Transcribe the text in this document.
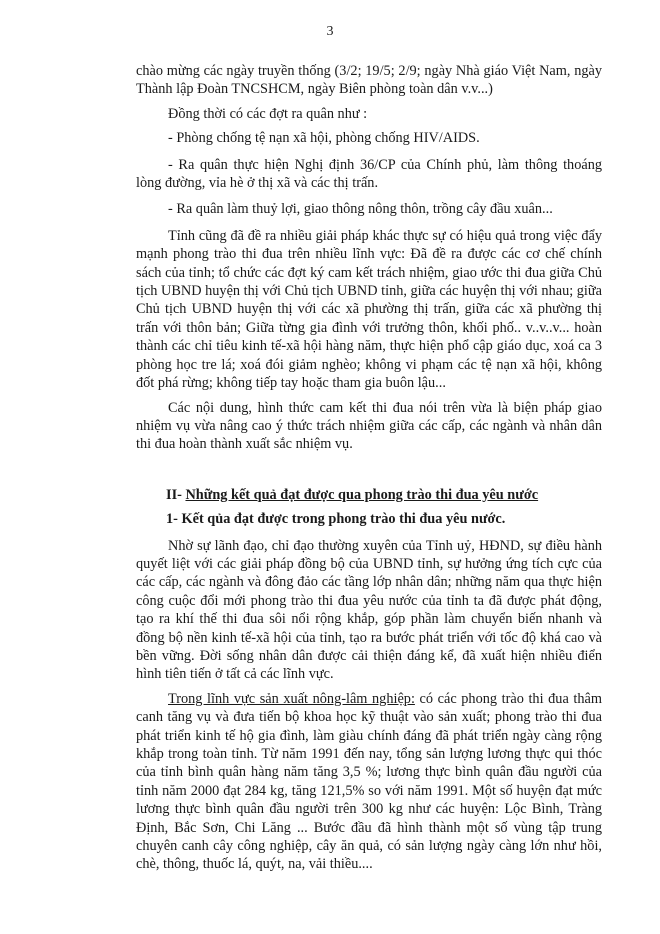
3

chào mừng các ngày truyền thống (3/2; 19/5; 2/9; ngày Nhà giáo Việt Nam, ngày Thành lập Đoàn TNCSHCM, ngày Biên phòng toàn dân v.v...)

Đồng thời có các đợt ra quân như :

- Phòng chống tệ nạn xã hội, phòng chống HIV/AIDS.

- Ra quân thực hiện Nghị định 36/CP của Chính phủ, làm thông thoáng lòng đường, vỉa hè ở thị xã và các thị trấn.

- Ra quân làm thuỷ lợi, giao thông nông thôn, trồng cây đầu xuân...

Tỉnh cũng đã đề ra nhiều giải pháp khác thực sự có hiệu quả trong việc đẩy mạnh phong trào thi đua trên nhiều lĩnh vực: Đã đề ra được các cơ chế chính sách của tỉnh; tổ chức các đợt ký cam kết trách nhiệm, giao ước thi đua giữa Chủ tịch UBND huyện thị với Chủ tịch UBND tỉnh, giữa các huyện thị với nhau; giữa Chủ tịch UBND huyện thị với các xã phường thị trấn, giữa các xã phường thị trấn với thôn bản; Giữa từng gia đình với trưởng thôn, khối phố.. v..v..v... hoàn thành các chỉ tiêu kinh tế-xã hội hàng năm, thực hiện phổ cập giáo dục, xoá ca 3 phòng học tre lá; xoá đói giảm nghèo; không vi phạm các tệ nạn xã hội, không đốt phá rừng; không tiếp tay hoặc tham gia buôn lậu...

Các nội dung, hình thức cam kết thi đua nói trên vừa là biện pháp giao nhiệm vụ vừa nâng cao ý thức trách nhiệm giữa các cấp, các ngành và nhân dân thi đua hoàn thành xuất sắc nhiệm vụ.

II- Những kết quả đạt được qua phong trào thi đua yêu nước

1- Kết qủa đạt được trong phong trào thi đua yêu nước.

Nhờ sự lãnh đạo, chỉ đạo thường xuyên của Tỉnh uỷ, HĐND, sự điều hành quyết liệt với các giải pháp đồng bộ của UBND tỉnh, sự hưởng ứng tích cực của các cấp, các ngành và đông đảo các tầng lớp nhân dân; những năm qua thực hiện công cuộc đổi mới phong trào thi đua yêu nước của tỉnh ta đã được phát động, tạo ra khí thế thi đua sôi nổi rộng khắp, góp phần làm chuyển biến nhanh và đồng bộ nền kinh tế-xã hội của tỉnh, tạo ra bước phát triển với tốc độ khá cao và bền vững. Đời sống nhân dân được cải thiện đáng kể, đã xuất hiện nhiều điển hình tiên tiến ở tất cả các lĩnh vực.

Trong lĩnh vực sản xuất nông-lâm nghiệp: có các phong trào thi đua thâm canh tăng vụ và đưa tiến bộ khoa học kỹ thuật vào sản xuất; phong trào thi đua phát triển kinh tế hộ gia đình, làm giàu chính đáng đã phát triển ngày càng rộng khắp trong toàn tỉnh. Từ năm 1991 đến nay, tổng sản lượng lương thực qui thóc của tỉnh bình quân hàng năm tăng 3,5 %; lương thực bình quân đầu người của tỉnh năm 2000 đạt 284 kg, tăng 121,5% so với năm 1991. Một số huyện đạt mức lương thực bình quân đầu người trên 300 kg như các huyện: Lộc Bình, Tràng Định, Bắc Sơn, Chi Lăng ... Bước đầu đã hình thành một số vùng tập trung chuyên canh cây công nghiệp, cây ăn quả, có sản lượng ngày càng lớn như hồi, chè, thông, thuốc lá, quýt, na, vải thiều....
